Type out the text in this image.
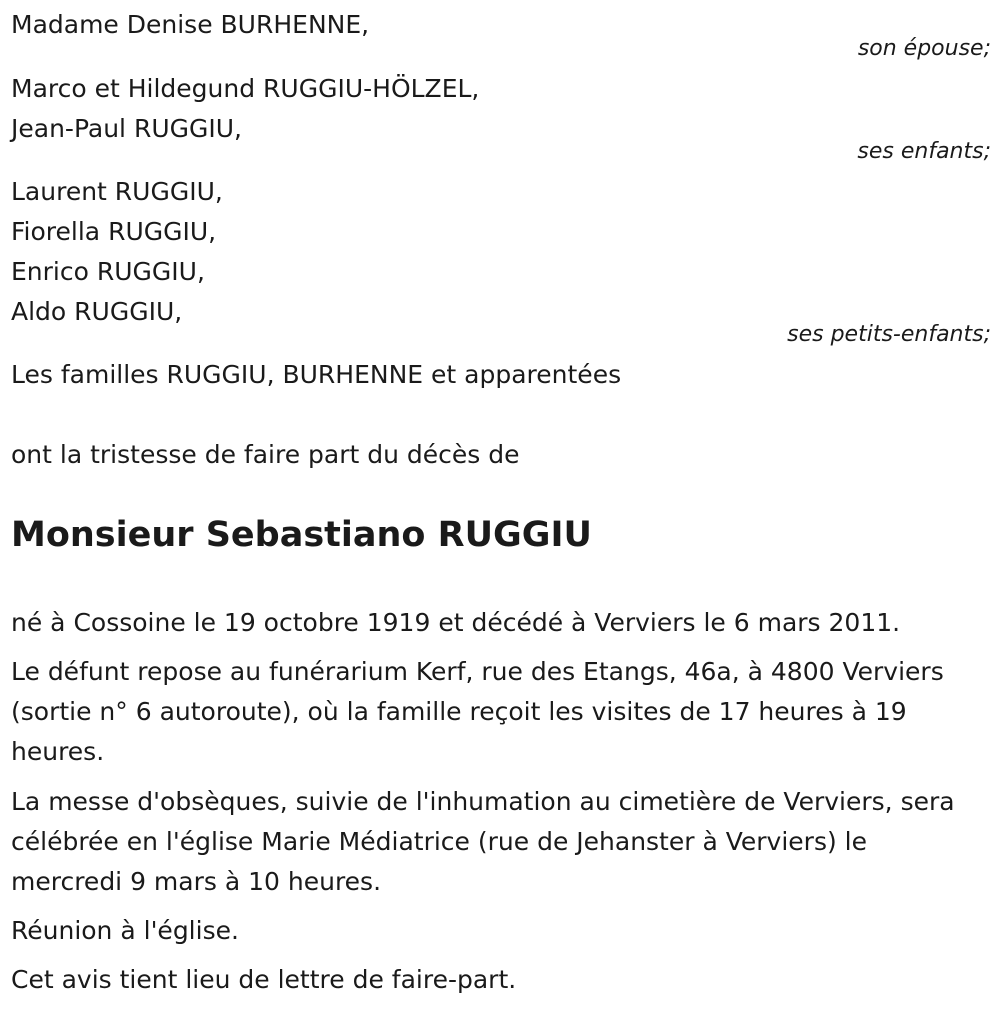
Madame Denise BURHENNE,
son épouse;
Marco et Hildegund RUGGIU-HÖLZEL,
Jean-Paul RUGGIU,
ses enfants;
Laurent RUGGIU,
Fiorella RUGGIU,
Enrico RUGGIU,
Aldo RUGGIU,
ses petits-enfants;
Les familles RUGGIU, BURHENNE et apparentées
ont la tristesse de faire part du décès de
Monsieur Sebastiano RUGGIU
né à Cossoine le 19 octobre 1919 et décédé à Verviers le 6 mars 2011.
Le défunt repose au funérarium Kerf, rue des Etangs, 46a, à 4800 Verviers (sortie n° 6 autoroute), où la famille reçoit les visites de 17 heures à 19 heures.
La messe d'obsèques, suivie de l'inhumation au cimetière de Verviers, sera célébrée en l'église Marie Médiatrice (rue de Jehanster à Verviers) le mercredi 9 mars à 10 heures.
Réunion à l'église.
Cet avis tient lieu de lettre de faire-part.
